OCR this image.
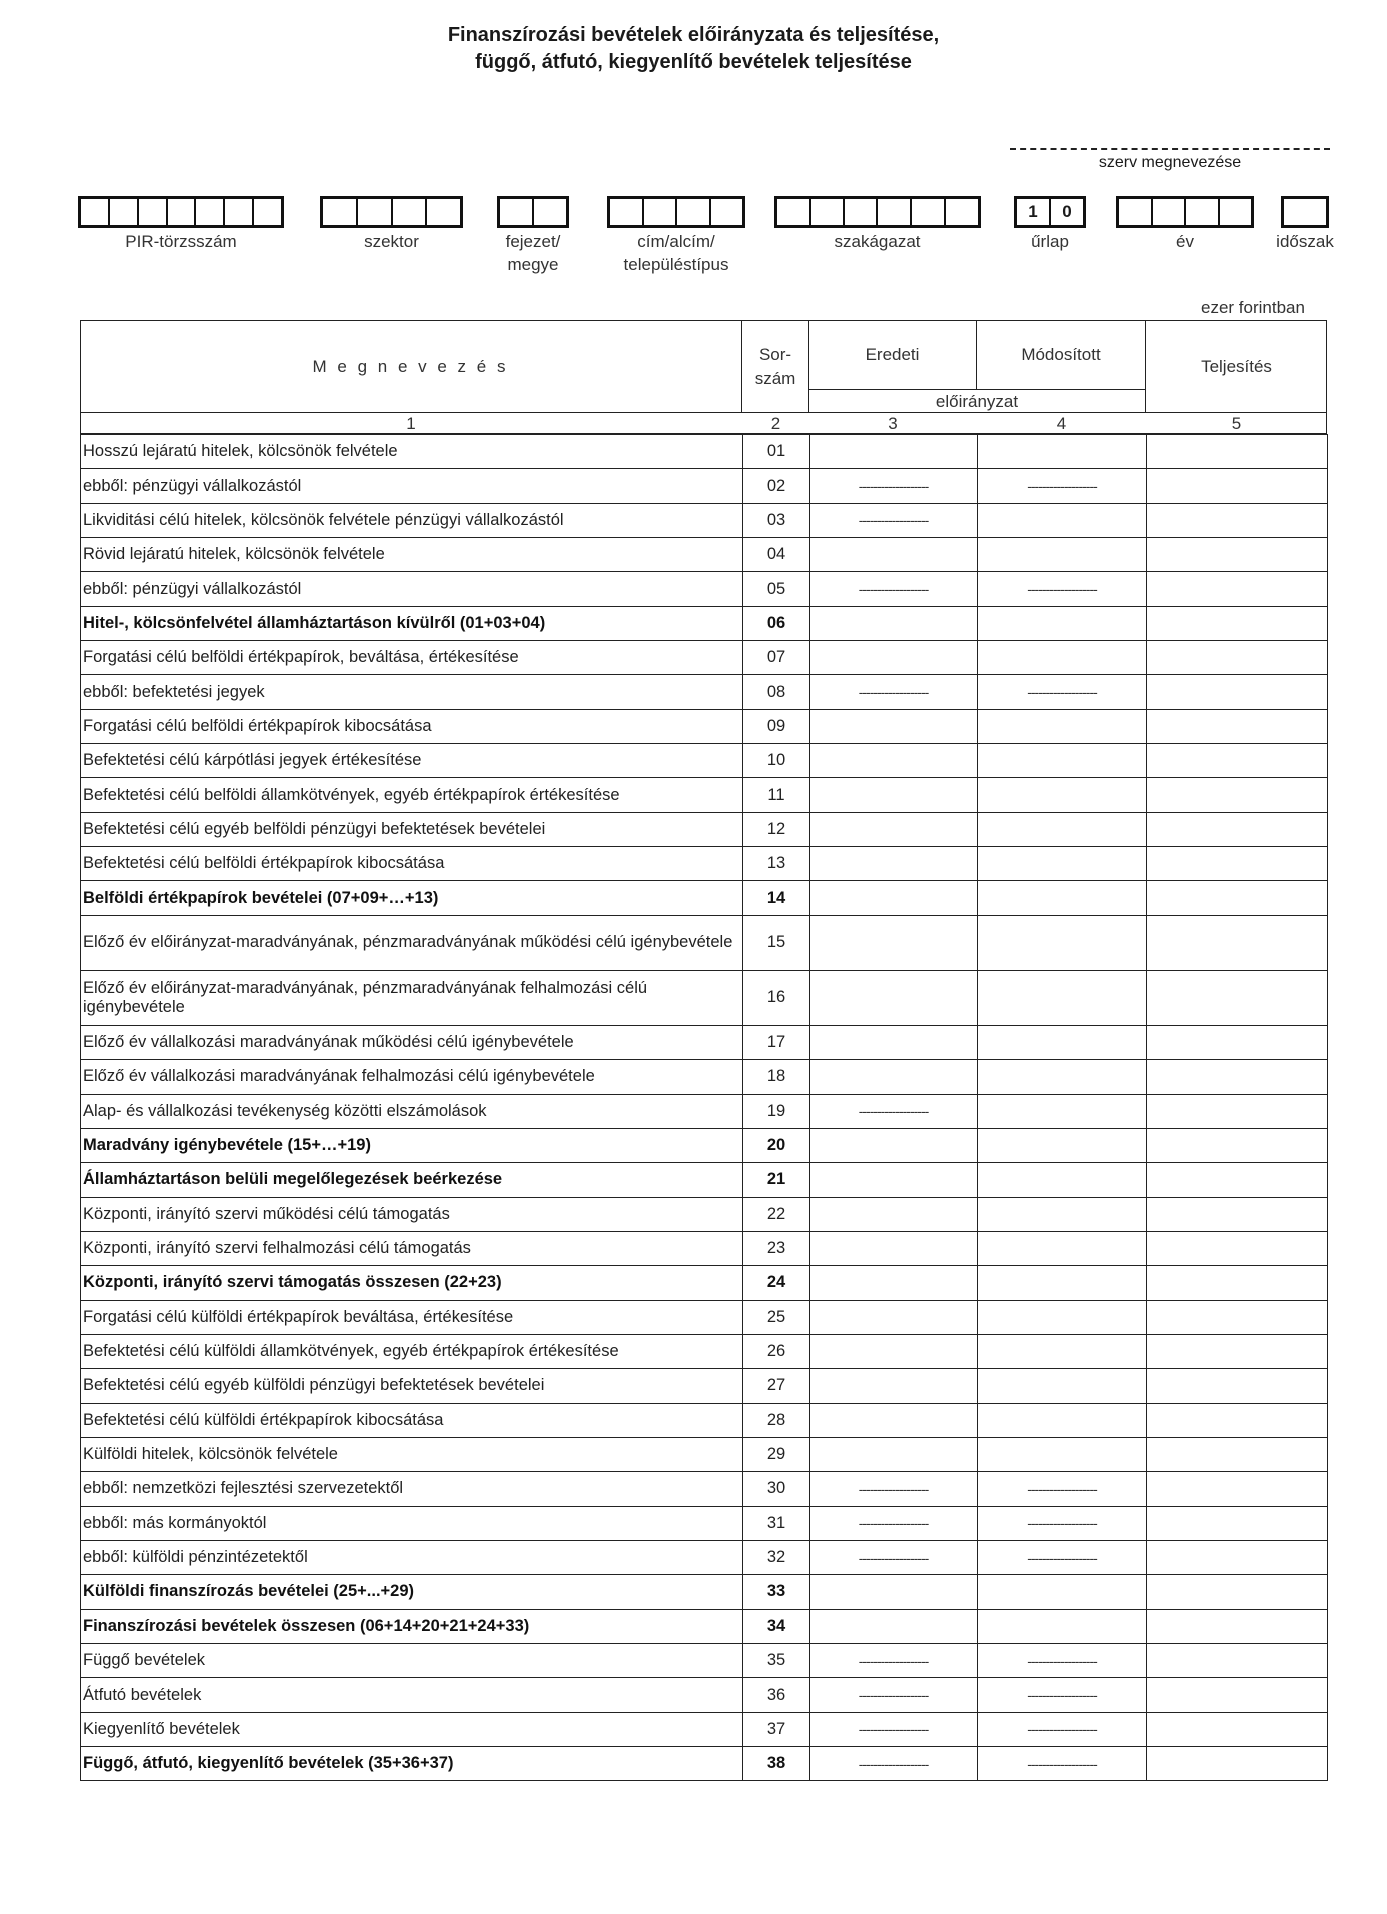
Finanszírozási bevételek előirányzata és teljesítése,
függő, átfutó, kiegyenlítő bevételek teljesítése
szerv megnevezése
1	0
PIR-törzsszám	szektor	fejezet/
megye
cím/alcím/
településtípus
szakágazat	űrlap	év	időszak
ezer forintban
M e g n e v e z é s
Sor-
szám
Eredeti	Módosított
előirányzat
Teljesítés
1	2	3	4	5
Hosszú lejáratú hitelek, kölcsönök felvétele	01			
ebből: pénzügyi vállalkozástól	02	-------------------	-------------------	
Likviditási célú hitelek, kölcsönök felvétele pénzügyi vállalkozástól	03	-------------------		
Rövid lejáratú hitelek, kölcsönök felvétele	04			
ebből: pénzügyi vállalkozástól	05	-------------------	-------------------	
Hitel-, kölcsönfelvétel államháztartáson kívülről (01+03+04)	06			
Forgatási célú belföldi értékpapírok, beváltása, értékesítése	07			
ebből: befektetési jegyek	08	-------------------	-------------------	
Forgatási célú belföldi értékpapírok kibocsátása	09			
Befektetési célú kárpótlási jegyek értékesítése	10			
Befektetési célú belföldi államkötvények, egyéb értékpapírok értékesítése	11			
Befektetési célú egyéb belföldi pénzügyi befektetések bevételei	12			
Befektetési célú belföldi értékpapírok kibocsátása	13			
Belföldi értékpapírok bevételei (07+09+…+13)	14			
Előző év előirányzat-maradványának, pénzmaradványának működési célú igénybevétele	15			
Előző év előirányzat-maradványának, pénzmaradványának felhalmozási célú igénybevétele	16			
Előző év vállalkozási maradványának működési célú igénybevétele	17			
Előző év vállalkozási maradványának felhalmozási célú igénybevétele	18			
Alap- és vállalkozási tevékenység közötti elszámolások	19	-------------------		
Maradvány igénybevétele (15+…+19)	20			
Államháztartáson belüli megelőlegezések beérkezése	21			
Központi, irányító szervi működési célú támogatás	22			
Központi, irányító szervi felhalmozási célú támogatás	23			
Központi, irányító szervi támogatás összesen (22+23)	24			
Forgatási célú külföldi értékpapírok beváltása, értékesítése	25			
Befektetési célú külföldi államkötvények, egyéb értékpapírok értékesítése	26			
Befektetési célú egyéb külföldi pénzügyi befektetések bevételei	27			
Befektetési célú külföldi értékpapírok kibocsátása	28			
Külföldi hitelek, kölcsönök felvétele	29			
ebből: nemzetközi fejlesztési szervezetektől	30	-------------------	-------------------	
ebből: más kormányoktól	31	-------------------	-------------------	
ebből: külföldi pénzintézetektől	32	-------------------	-------------------	
Külföldi finanszírozás bevételei (25+...+29)	33			
Finanszírozási bevételek összesen (06+14+20+21+24+33)	34			
Függő bevételek	35	-------------------	-------------------	
Átfutó bevételek	36	-------------------	-------------------	
Kiegyenlítő bevételek	37	-------------------	-------------------	
Függő, átfutó, kiegyenlítő bevételek (35+36+37)	38	-------------------	-------------------	
